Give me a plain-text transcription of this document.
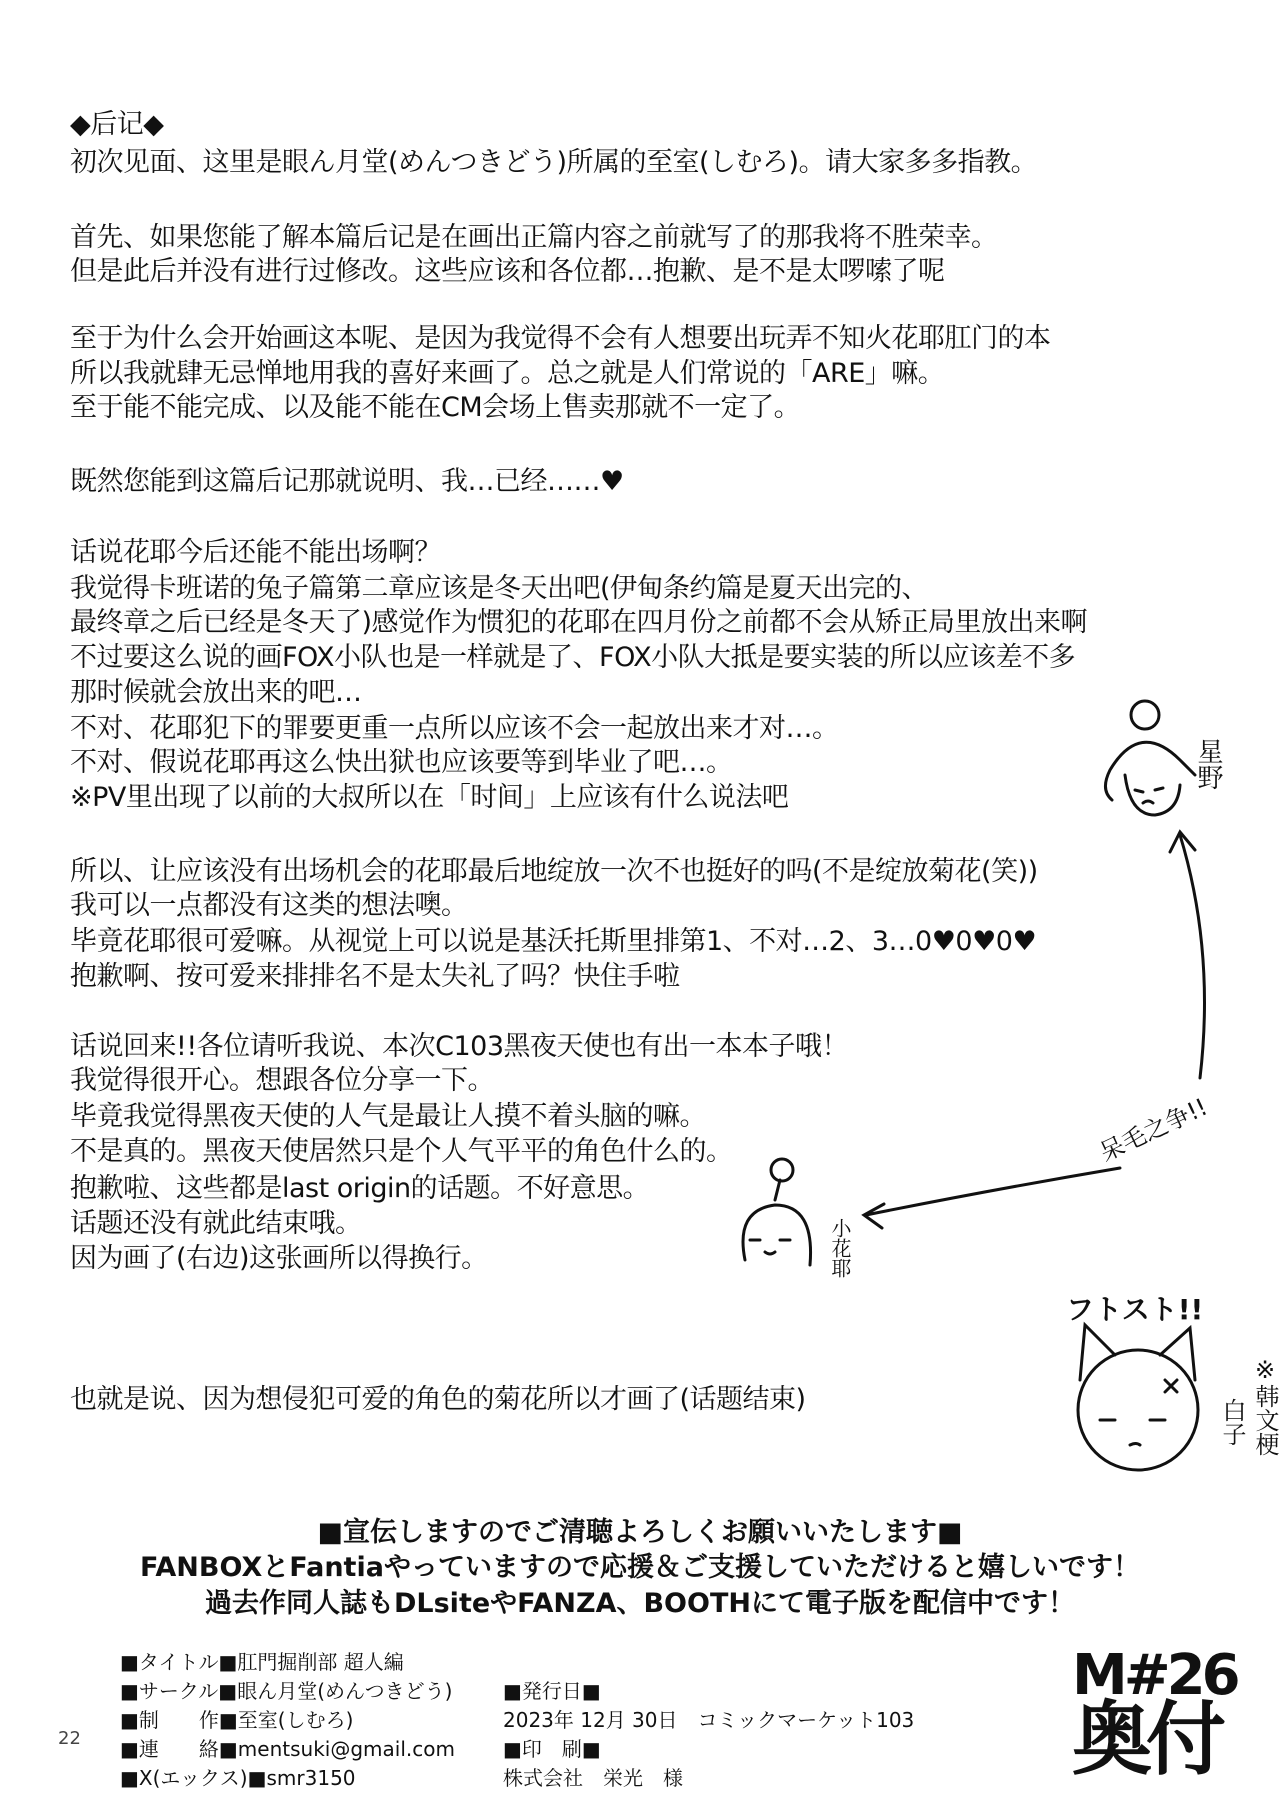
◆后记◆
初次见面、这里是眼ん月堂(めんつきどう)所属的至室(しむろ)。请大家多多指教。
首先、如果您能了解本篇后记是在画出正篇内容之前就写了的那我将不胜荣幸。
但是此后并没有进行过修改。这些应该和各位都…抱歉、是不是太啰嗦了呢
至于为什么会开始画这本呢、是因为我觉得不会有人想要出玩弄不知火花耶肛门的本
所以我就肆无忌惮地用我的喜好来画了。总之就是人们常说的「ARE」嘛。
至于能不能完成、以及能不能在CM会场上售卖那就不一定了。
既然您能到这篇后记那就说明、我…已经……♥
话说花耶今后还能不能出场啊？
我觉得卡班诺的兔子篇第二章应该是冬天出吧(伊甸条约篇是夏天出完的、
最终章之后已经是冬天了)感觉作为惯犯的花耶在四月份之前都不会从矫正局里放出来啊
不过要这么说的画FOX小队也是一样就是了、FOX小队大抵是要实装的所以应该差不多
那时候就会放出来的吧…
不对、花耶犯下的罪要更重一点所以应该不会一起放出来才对…。
不对、假说花耶再这么快出狱也应该要等到毕业了吧…。
※PV里出现了以前的大叔所以在「时间」上应该有什么说法吧
所以、让应该没有出场机会的花耶最后地绽放一次不也挺好的吗(不是绽放菊花(笑))
我可以一点都没有这类的想法噢。
毕竟花耶很可爱嘛。从视觉上可以说是基沃托斯里排第1、不对…2、3…0♥0♥0♥
抱歉啊、按可爱来排排名不是太失礼了吗？快住手啦
话说回来!!各位请听我说、本次C103黑夜天使也有出一本本子哦！
我觉得很开心。想跟各位分享一下。
毕竟我觉得黑夜天使的人气是最让人摸不着头脑的嘛。
不是真的。黑夜天使居然只是个人气平平的角色什么的。
抱歉啦、这些都是last origin的话题。不好意思。
话题还没有就此结束哦。
因为画了(右边)这张画所以得换行。
也就是说、因为想侵犯可爱的角色的菊花所以才画了(话题结束)
星野
呆毛之争!!
小花耶
フトスト!!
白子 ※韩文梗
■宣伝しますのでご清聴よろしくお願いいたします■
FANBOXとFantiaやっていますので応援＆ご支援していただけると嬉しいです！
過去作同人誌もDLsiteやFANZA、BOOTHにて電子版を配信中です！
■タイトル■肛門掘削部 超人編
■サークル■眼ん月堂(めんつきどう)
■制　　作■至室(しむろ)
■連　　絡■mentsuki@gmail.com
■X(エックス)■smr3150
■発行日■
2023年 12月 30日　コミックマーケット103
■印　刷■
株式会社　栄光　様
22
M#26
奥付
